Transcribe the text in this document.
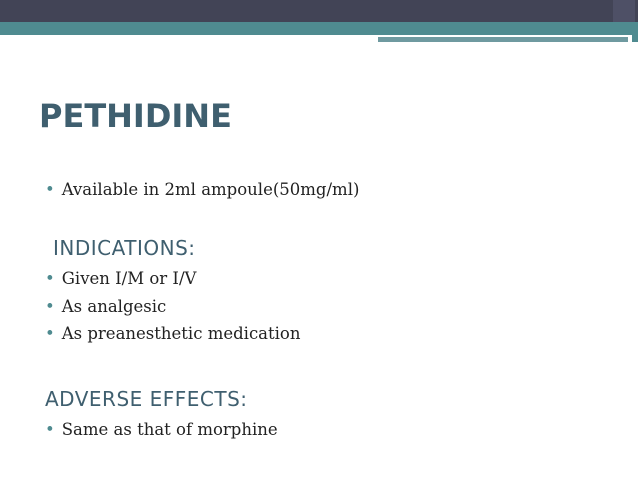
PETHIDINE
• Available in 2ml ampoule(50mg/ml)
INDICATIONS:
• Given I/M or I/V
• As analgesic
• As preanesthetic medication
ADVERSE EFFECTS:
• Same as that of morphine
